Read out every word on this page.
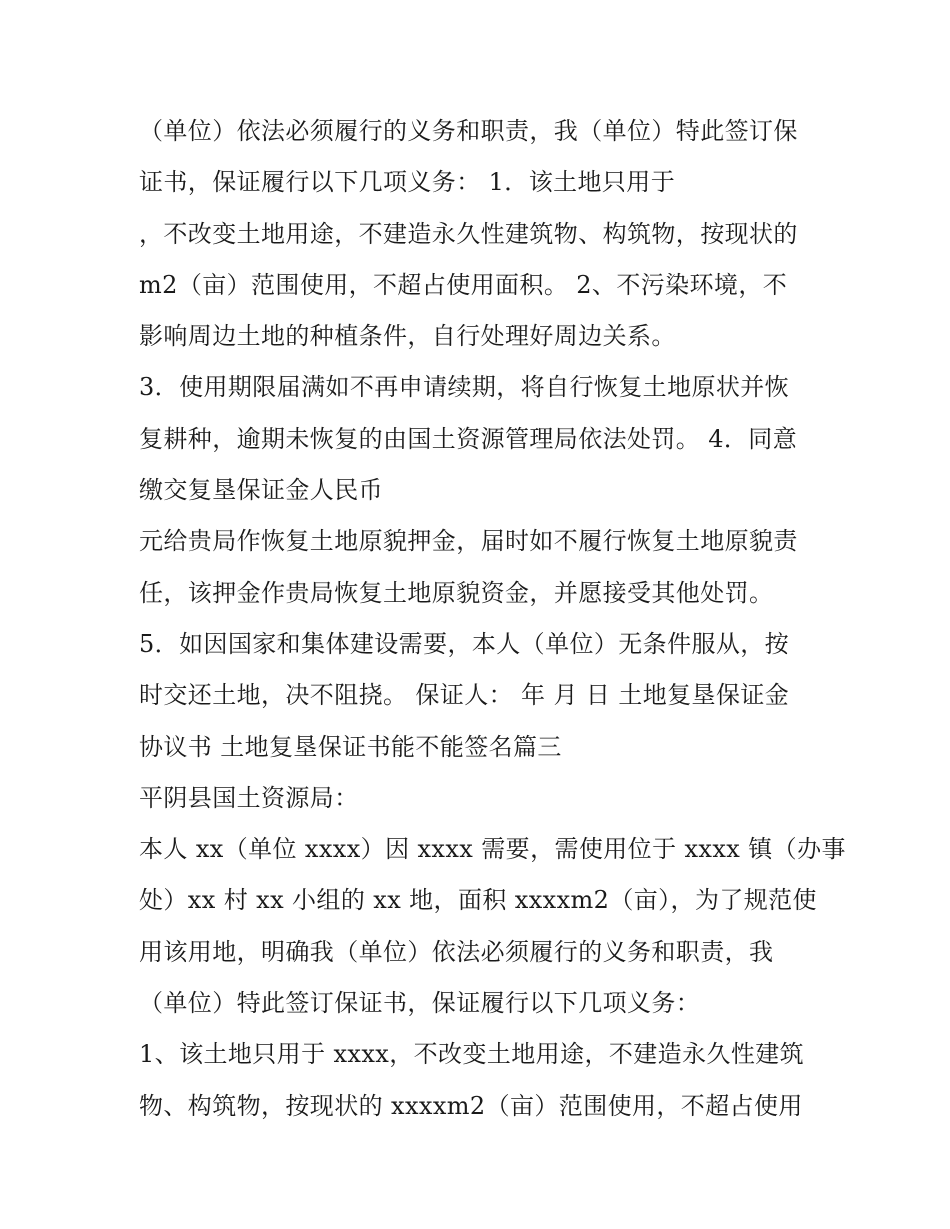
（单位）依法必须履行的义务和职责，我（单位）特此签订保
证书，保证履行以下几项义务： 1．该土地只用于
，不改变土地用途，不建造永久性建筑物、构筑物，按现状的
m2（亩）范围使用，不超占使用面积。 2、不污染环境，不
影响周边土地的种植条件，自行处理好周边关系。
3．使用期限届满如不再申请续期，将自行恢复土地原状并恢
复耕种，逾期未恢复的由国土资源管理局依法处罚。 4．同意
缴交复垦保证金人民币
元给贵局作恢复土地原貌押金，届时如不履行恢复土地原貌责
任，该押金作贵局恢复土地原貌资金，并愿接受其他处罚。
5．如因国家和集体建设需要，本人（单位）无条件服从，按
时交还土地，决不阻挠。 保证人： 年 月 日 土地复垦保证金
协议书 土地复垦保证书能不能签名篇三
平阴县国土资源局：
本人 xx（单位 xxxx）因 xxxx 需要，需使用位于 xxxx 镇（办事
处）xx 村 xx 小组的 xx 地，面积 xxxxm2（亩），为了规范使
用该用地，明确我（单位）依法必须履行的义务和职责，我
（单位）特此签订保证书，保证履行以下几项义务：
1、该土地只用于 xxxx，不改变土地用途，不建造永久性建筑
物、构筑物，按现状的 xxxxm2（亩）范围使用，不超占使用
